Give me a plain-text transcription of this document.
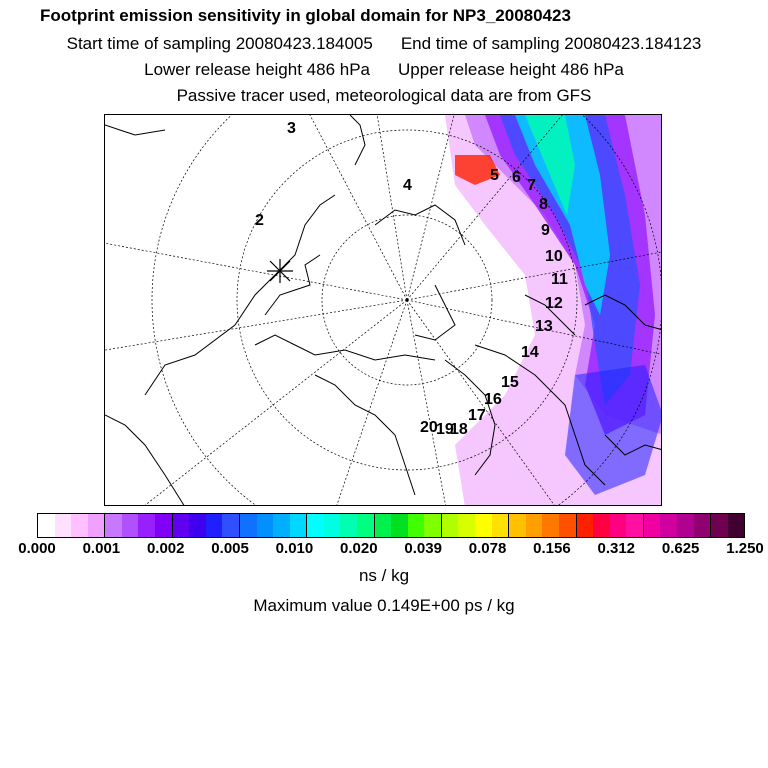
Footprint emission sensitivity in global domain for NP3_20080423
Start time of sampling 20080423.184005 End time of sampling 20080423.184123
Lower release height 486 hPa Upper release height 486 hPa
Passive tracer used, meteorological data are from GFS
2
3
4
5 6 7
8
9
10
11
12
13
14
15
16
17
18
19
20
0.000 0.001 0.002 0.005 0.010 0.020 0.039 0.078 0.156 0.312 0.625 1.250
ns / kg
Maximum value 0.149E+00 ps / kg
